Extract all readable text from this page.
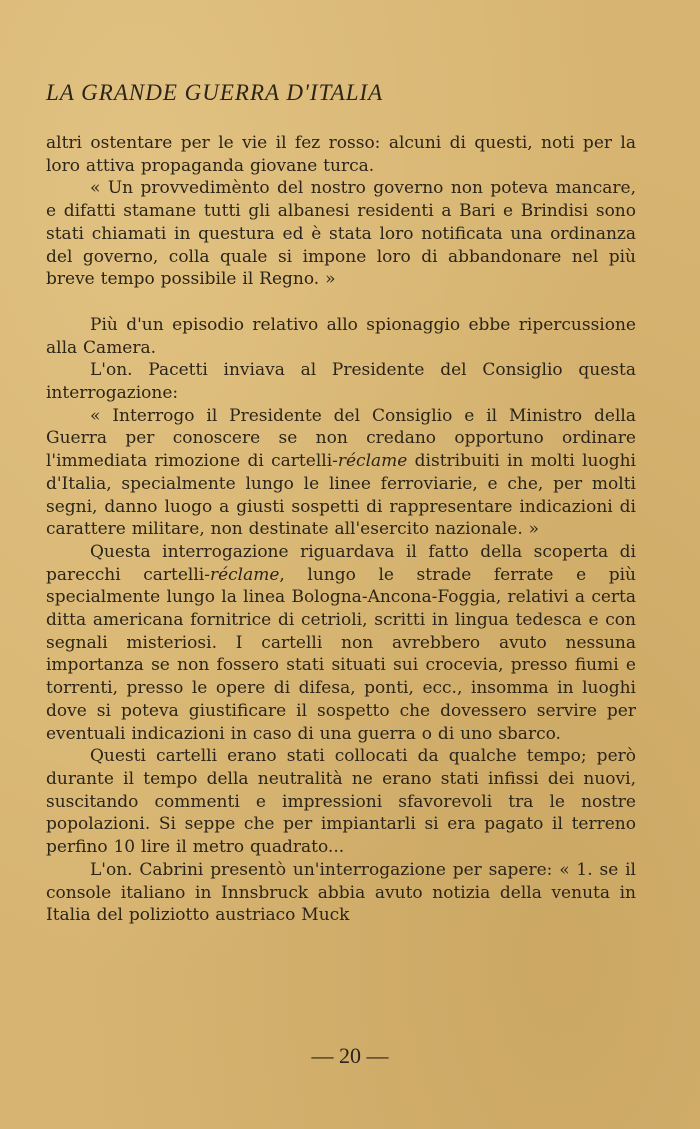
LA GRANDE GUERRA D'ITALIA

altri ostentare per le vie il fez rosso: alcuni di questi, noti per la loro attiva propaganda giovane turca.

« Un provvedimènto del nostro governo non poteva mancare, e difatti stamane tutti gli albanesi residenti a Bari e Brindisi sono stati chiamati in questura ed è stata loro notificata una ordinanza del governo, colla quale si impone loro di abbandonare nel più breve tempo possibile il Regno. »

Più d'un episodio relativo allo spionaggio ebbe ripercussione alla Camera.

L'on. Pacetti inviava al Presidente del Consiglio questa interrogazione:

« Interrogo il Presidente del Consiglio e il Ministro della Guerra per conoscere se non credano opportuno ordinare l'immediata rimozione di cartelli-réclame distribuiti in molti luoghi d'Italia, specialmente lungo le linee ferroviarie, e che, per molti segni, danno luogo a giusti sospetti di rappresentare indicazioni di carattere militare, non destinate all'esercito nazionale. »

Questa interrogazione riguardava il fatto della scoperta di parecchi cartelli-réclame, lungo le strade ferrate e più specialmente lungo la linea Bologna-Ancona-Foggia, relativi a certa ditta americana fornitrice di cetrioli, scritti in lingua tedesca e con segnali misteriosi. I cartelli non avrebbero avuto nessuna importanza se non fossero stati situati sui crocevia, presso fiumi e torrenti, presso le opere di difesa, ponti, ecc., insomma in luoghi dove si poteva giustificare il sospetto che dovessero servire per eventuali indicazioni in caso di una guerra o di uno sbarco.

Questi cartelli erano stati collocati da qualche tempo; però durante il tempo della neutralità ne erano stati infissi dei nuovi, suscitando commenti e impressioni sfavorevoli tra le nostre popolazioni. Si seppe che per impiantarli si era pagato il terreno perfino 10 lire il metro quadrato...

L'on. Cabrini presentò un'interrogazione per sapere: « 1. se il console italiano in Innsbruck abbia avuto notizia della venuta in Italia del poliziotto austriaco Muck

— 20 —
